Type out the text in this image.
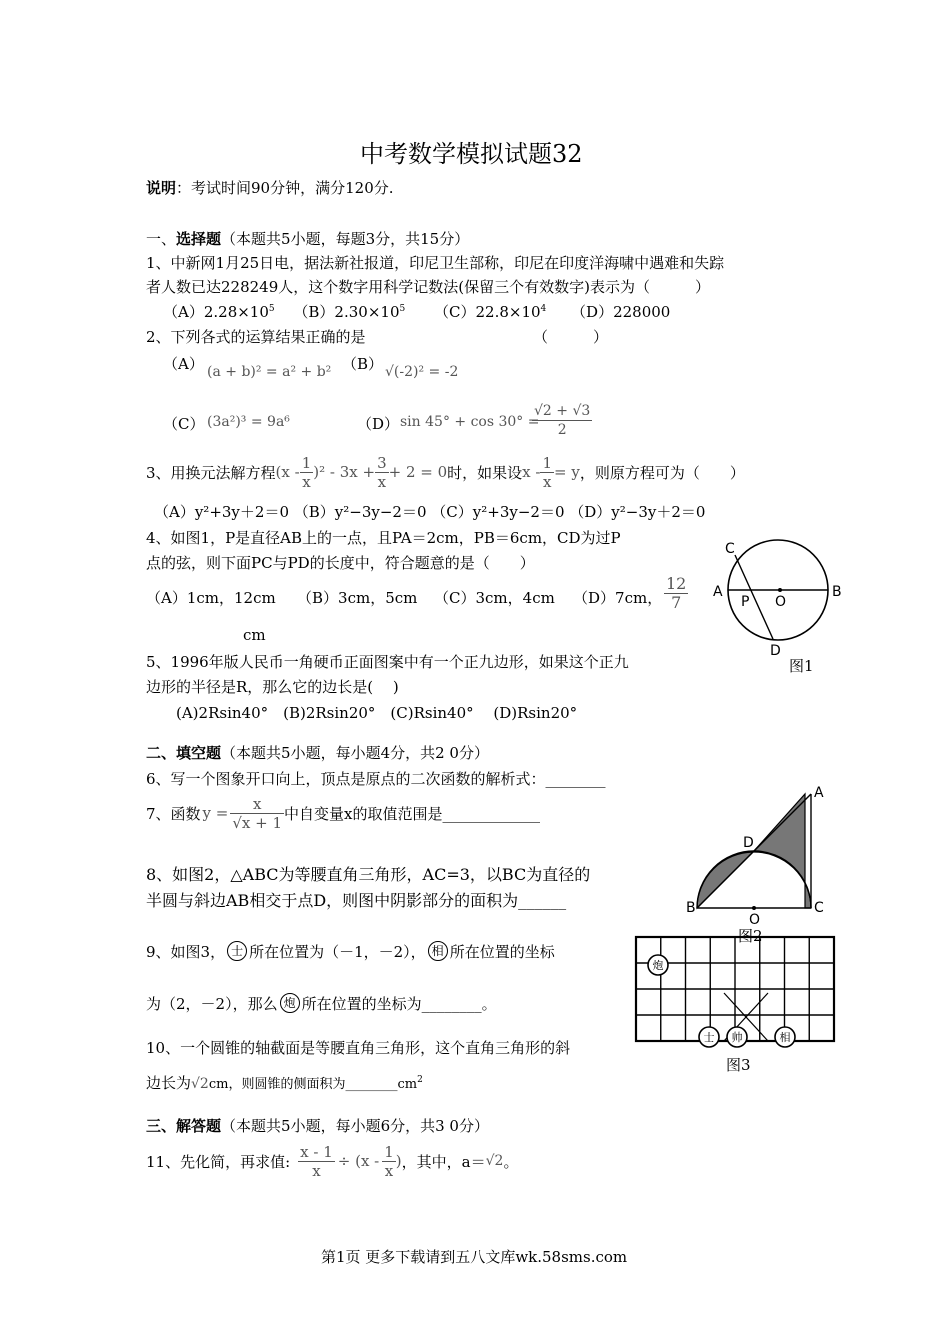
中考数学模拟试题32
说明：考试时间90分钟，满分120分.
一、选择题（本题共5小题，每题3分，共15分）
1、中新网1月25日电，据法新社报道，印尼卫生部称，印尼在印度洋海啸中遇难和失踪
者人数已达228249人，这个数字用科学记数法(保留三个有效数字)表示为（　　　）
$(A)2.28\times 10^5$ $(B)2.30\times 10^5$ $(C)22.8\times 10^4$ （D）228000
2、下列各式的运算结果正确的是	（　　　）
（A） (a + b)² = a² + b² （B） √(-2)² = -2
（C） (3a²)³ = 9a⁶	（D） sin 45° + cos 30° =
$\frac{√2 + √3}{2}$
3、用换元法解方程 $(x - \frac{1}{x} )^2 - 3x + \frac{3}{x} + 2 = 0$ 时，如果设 $x - \frac{1}{x} = y$ ，则原方程可为（　　）
（A）y²+3y＋2＝0 （B）y²−3y−2＝0 （C）y²+3y−2＝0 （D）y²−3y＋2＝0
4、如图1，P是直径AB上的一点，且PA＝2cm，PB＝6cm，CD为过P
点的弦，则下面PC与PD的长度中，符合题意的是（　　）
（A）1cm，12cm （B）3cm，5cm （C）3cm，4cm （D）7cm， $\frac{12}{7}$
cm
C
A
P O
B
D
图1
5、1996年版人民币一角硬币正面图案中有一个正九边形，如果这个正九
边形的半径是R，那么它的边长是(　 )
(A)2Rsin40°　(B)2Rsin20°　(C)Rsin40°　 (D)Rsin20°
二、填空题（本题共5小题，每小题4分，共2 0分）
6、写一个图象开口向上，顶点是原点的二次函数的解析式：________
7、函数 $y = \frac{x}{√x + 1}$ 中自变量x的取值范围是_____________
8、如图2，△ABC为等腰直角三角形，AC=3，以BC为直径的
半圆与斜边AB相交于点D，则图中阴影部分的面积为______
A
D
B
O
C
图2
9、如图3， 士 所在位置为（－1，－2）， 相 所在位置的坐标
为（2，－2），那么 炮 所在位置的坐标为________。
炮
士 帅	相
图3
10、一个圆锥的轴截面是等腰直角三角形，这个直角三角形的斜
边长为√2cm，则圆锥的侧面积为$\_\_\_\_\_\_\_\_cm^2$
三、解答题（本题共5小题，每小题6分，共3 0分）
11、先化简，再求值: $\frac{x - 1}{x} \div (x - \frac{1}{x}$ ) ，其中，a＝ √2 。
第1页 更多下载请到五八文库wk.58sms.com
